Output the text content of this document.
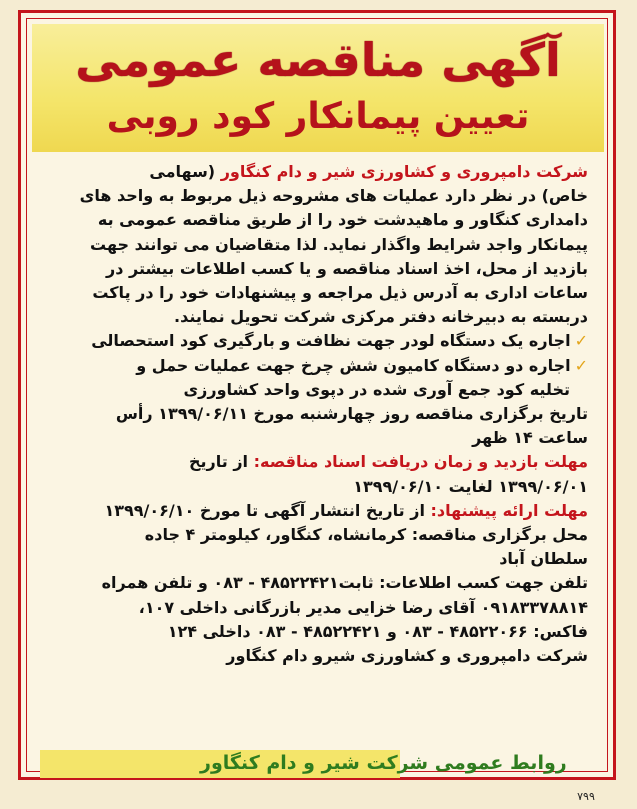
آگهی مناقصه عمومی
تعیین پیمانکار کود روبی

شرکت دامپروری و کشاورزی شیر و دام کنگاور (سهامی

خاص) در نظر دارد عملیات های مشروحه ذیل مربوط به واحد های

دامداری کنگاور و ماهیدشت خود را از طریق مناقصه عمومی به

پیمانکار واجد شرایط واگذار نماید. لذا متقاضیان می توانند جهت

بازدید از محل، اخذ اسناد مناقصه و یا کسب اطلاعات بیشتر در

ساعات اداری به آدرس ذیل مراجعه و پیشنهادات خود را در پاکت

دربسته به دبیرخانه دفتر مرکزی شرکت تحویل نمایند.

✓اجاره یک دستگاه لودر جهت نظافت و بارگیری کود استحصالی

✓اجاره دو دستگاه کامیون شش چرخ جهت عملیات حمل و

تخلیه کود جمع آوری شده در دپوی واحد کشاورزی

تاریخ برگزاری مناقصه روز چهارشنبه مورخ ۱۳۹۹/۰۶/۱۱ رأس

ساعت ۱۴ ظهر

مهلت بازدید و زمان دریافت اسناد مناقصه: از تاریخ

۱۳۹۹/۰۶/۰۱ لغایت ۱۳۹۹/۰۶/۱۰

مهلت ارائه پیشنهاد: از تاریخ انتشار آگهی تا مورخ ۱۳۹۹/۰۶/۱۰

محل برگزاری مناقصه: کرمانشاه، کنگاور، کیلومتر ۴ جاده

سلطان آباد

تلفن جهت کسب اطلاعات: ثابت۴۸۵۲۲۴۲۱ - ۰۸۳ و تلفن همراه

۰۹۱۸۳۳۷۸۸۱۴ آقای رضا خزایی مدیر بازرگانی داخلی ۱۰۷،

فاکس: ۴۸۵۲۲۰۶۶ - ۰۸۳ و ۴۸۵۲۲۴۲۱ - ۰۸۳ داخلی ۱۲۴

شرکت دامپروری و کشاورزی شیرو دام کنگاور

روابط عمومی شرکت شیر و دام کنگاور
۷۹۹
